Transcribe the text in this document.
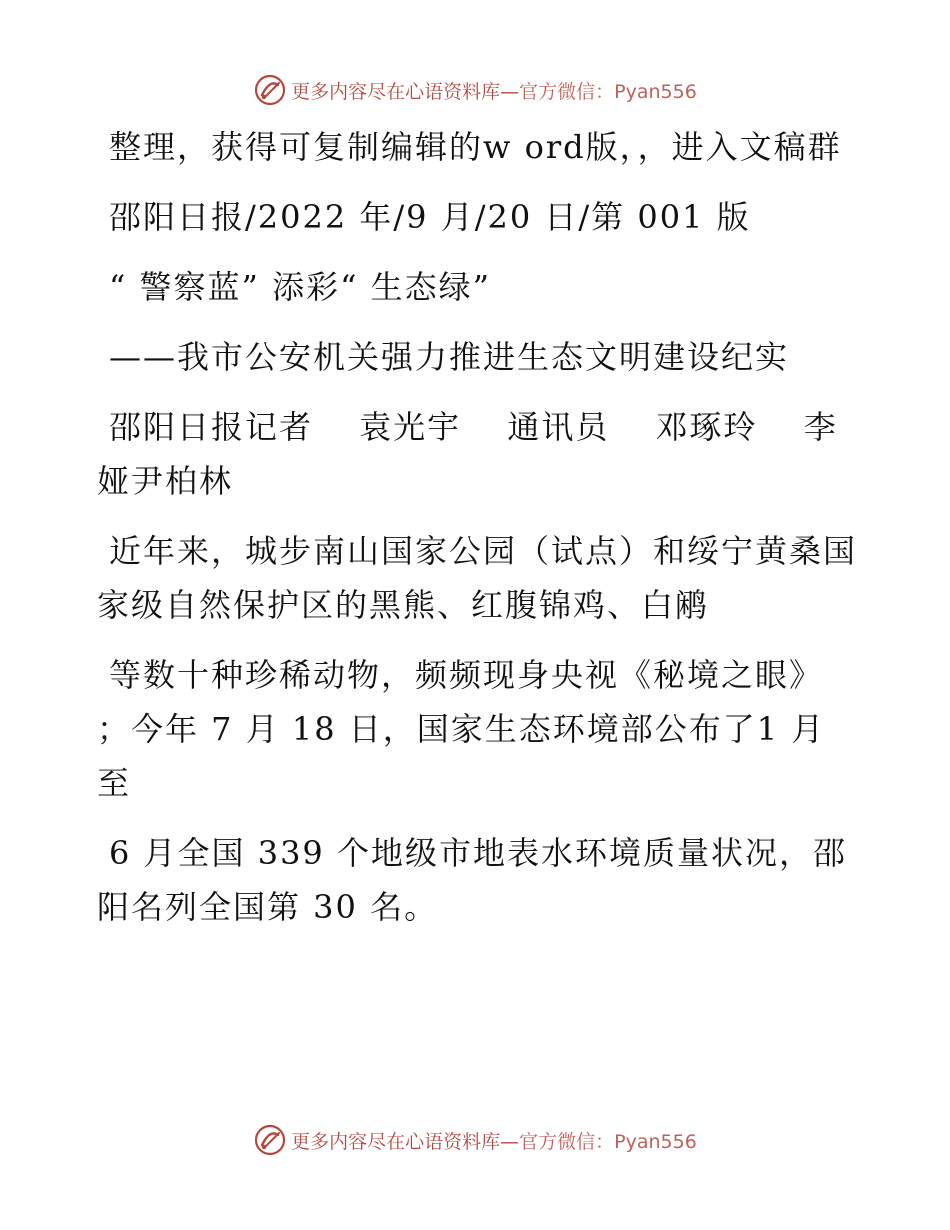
更多内容尽在心语资料库—官方微信：Pyan556

整理，获得可复制编辑的w ord版，，进入文稿群

邵阳日报/2022 年/9 月/20 日/第 001 版

“ 警察蓝” 添彩“ 生态绿”

——我市公安机关强力推进生态文明建设纪实

邵阳日报记者　 袁光宇　 通讯员　 邓琢玲　 李娅尹柏林

近年来，城步南山国家公园（试点）和绥宁黄桑国家级自然保护区的黑熊、红腹锦鸡、白鹇

等数十种珍稀动物，频频现身央视《秘境之眼》 ；今年 7 月 18 日，国家生态环境部公布了1 月至

6 月全国 339 个地级市地表水环境质量状况，邵阳名列全国第 30 名。

更多内容尽在心语资料库—官方微信：Pyan556
